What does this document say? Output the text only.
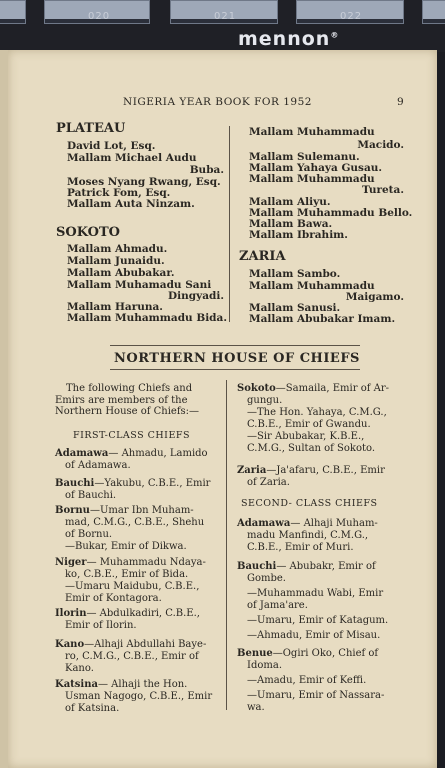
020	021	022
mennon®
NIGERIA YEAR BOOK FOR 1952	9
PLATEAU
David Lot, Esq.
Mallam Michael Audu
Buba.
Moses Nyang Rwang, Esq.
Patrick Fom, Esq.
Mallam Auta Ninzam.
SOKOTO
Mallam Ahmadu.
Mallam Junaidu.
Mallam Abubakar.
Mallam Muhamadu Sani
Dingyadi.
Mallam Haruna.
Mallam Muhammadu Bida.
Mallam Muhammadu
Macido.
Mallam Sulemanu.
Mallam Yahaya Gusau.
Mallam Muhammadu
Tureta.
Mallam Aliyu.
Mallam Muhammadu Bello.
Mallam Bawa.
Mallam Ibrahim.
ZARIA
Mallam Sambo.
Mallam Muhammadu
Maigamo.
Mallam Sanusi.
Mallam Abubakar Imam.
NORTHERN HOUSE OF CHIEFS
The following Chiefs and
Emirs are members of the
Northern House of Chiefs:—
FIRST-CLASS CHIEFS
Adamawa— Ahmadu, Lamido
of Adamawa.
Bauchi—Yakubu, C.B.E., Emir
of Bauchi.
Bornu—Umar Ibn Muham-
mad, C.M.G., C.B.E., Shehu
of Bornu.
—Bukar, Emir of Dikwa.
Niger— Muhammadu Ndaya-
ko, C.B.E., Emir of Bida.
—Umaru Maidubu, C.B.E.,
Emir of Kontagora.
Ilorin— Abdulkadiri, C.B.E.,
Emir of Ilorin.
Kano—Alhaji Abdullahi Baye-
ro, C.M.G., C.B.E., Emir of
Kano.
Katsina— Alhaji the Hon.
Usman Nagogo, C.B.E., Emir
of Katsina.
Sokoto—Samaila, Emir of Ar-
gungu.
—The Hon. Yahaya, C.M.G.,
C.B.E., Emir of Gwandu.
—Sir Abubakar, K.B.E.,
C.M.G., Sultan of Sokoto.
Zaria—Ja'afaru, C.B.E., Emir
of Zaria.
SECOND- CLASS CHIEFS
Adamawa— Alhaji Muham-
madu Manfindi, C.M.G.,
C.B.E., Emir of Muri.
Bauchi— Abubakr, Emir of
Gombe.
—Muhammadu Wabi, Emir
of Jama'are.
—Umaru, Emir of Katagum.
—Ahmadu, Emir of Misau.
Benue—Ogiri Oko, Chief of
Idoma.
—Amadu, Emir of Keffi.
—Umaru, Emir of Nassara-
wa.
